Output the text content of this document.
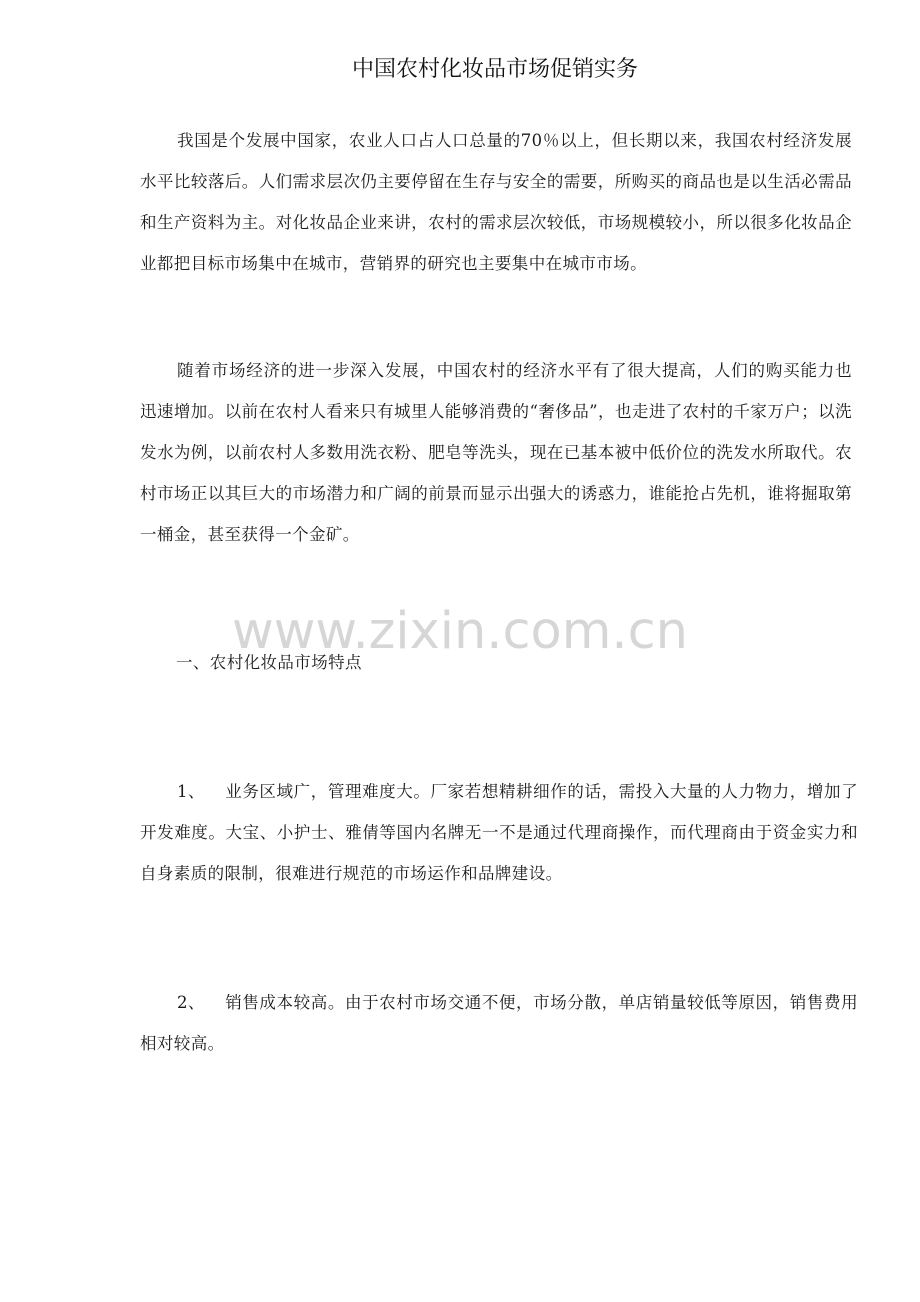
中国农村化妆品市场促销实务

我国是个发展中国家，农业人口占人口总量的70％以上，但长期以来，我国农村经济发展水平比较落后。人们需求层次仍主要停留在生存与安全的需要，所购买的商品也是以生活必需品和生产资料为主。对化妆品企业来讲，农村的需求层次较低，市场规模较小，所以很多化妆品企业都把目标市场集中在城市，营销界的研究也主要集中在城市市场。

随着市场经济的进一步深入发展，中国农村的经济水平有了很大提高，人们的购买能力也迅速增加。以前在农村人看来只有城里人能够消费的“奢侈品”，也走进了农村的千家万户；以洗发水为例，以前农村人多数用洗衣粉、肥皂等洗头，现在已基本被中低价位的洗发水所取代。农村市场正以其巨大的市场潜力和广阔的前景而显示出强大的诱惑力，谁能抢占先机，谁将掘取第一桶金，甚至获得一个金矿。

www.zixin.com.cn

一、农村化妆品市场特点

1、 业务区域广，管理难度大。厂家若想精耕细作的话，需投入大量的人力物力，增加了开发难度。大宝、小护士、雅倩等国内名牌无一不是通过代理商操作，而代理商由于资金实力和自身素质的限制，很难进行规范的市场运作和品牌建设。

2、 销售成本较高。由于农村市场交通不便，市场分散，单店销量较低等原因，销售费用相对较高。
